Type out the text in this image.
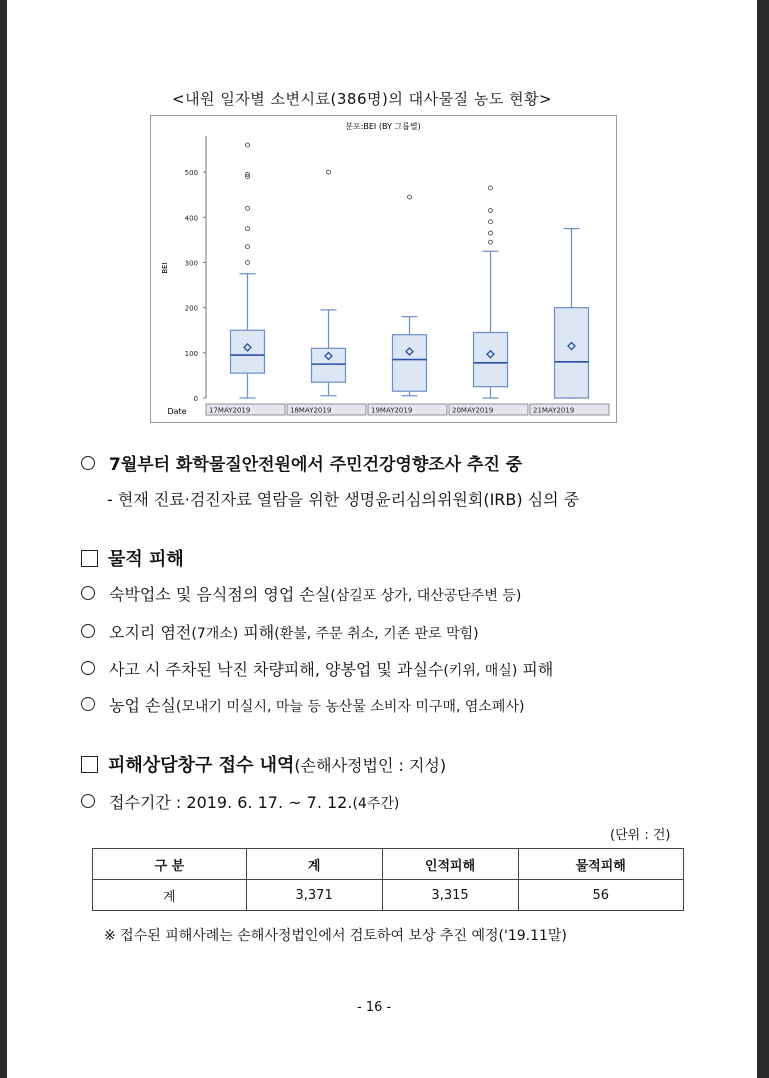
<내원 일자별 소변시료(386명)의 대사물질 농도 현황>
분포:BEI (BY 그룹별)
BEI
Date
0
100
200
300
400
500
17MAY2019	18MAY2019	19MAY2019	20MAY2019	21MAY2019
7월부터 화학물질안전원에서 주민건강영향조사 추진 중
- 현재 진료·검진자료 열람을 위한 생명윤리심의위원회(IRB) 심의 중
물적 피해
숙박업소 및 음식점의 영업 손실(삼길포 상가, 대산공단주변 등)
오지리 염전(7개소) 피해(환불, 주문 취소, 기존 판로 막힘)
사고 시 주차된 낙진 차량피해, 양봉업 및 과실수(키위, 매실) 피해
농업 손실(모내기 미실시, 마늘 등 농산물 소비자 미구매, 염소폐사)
피해상담창구 접수 내역(손해사정법인 : 지성)
접수기간 : 2019. 6. 17. ~ 7. 12.(4주간)
(단위 : 건)
구 분	계	인적피해	물적피해
계	3,371	3,315	56
※ 접수된 피해사례는 손해사정법인에서 검토하여 보상 추진 예정('19.11말)
- 16 -
